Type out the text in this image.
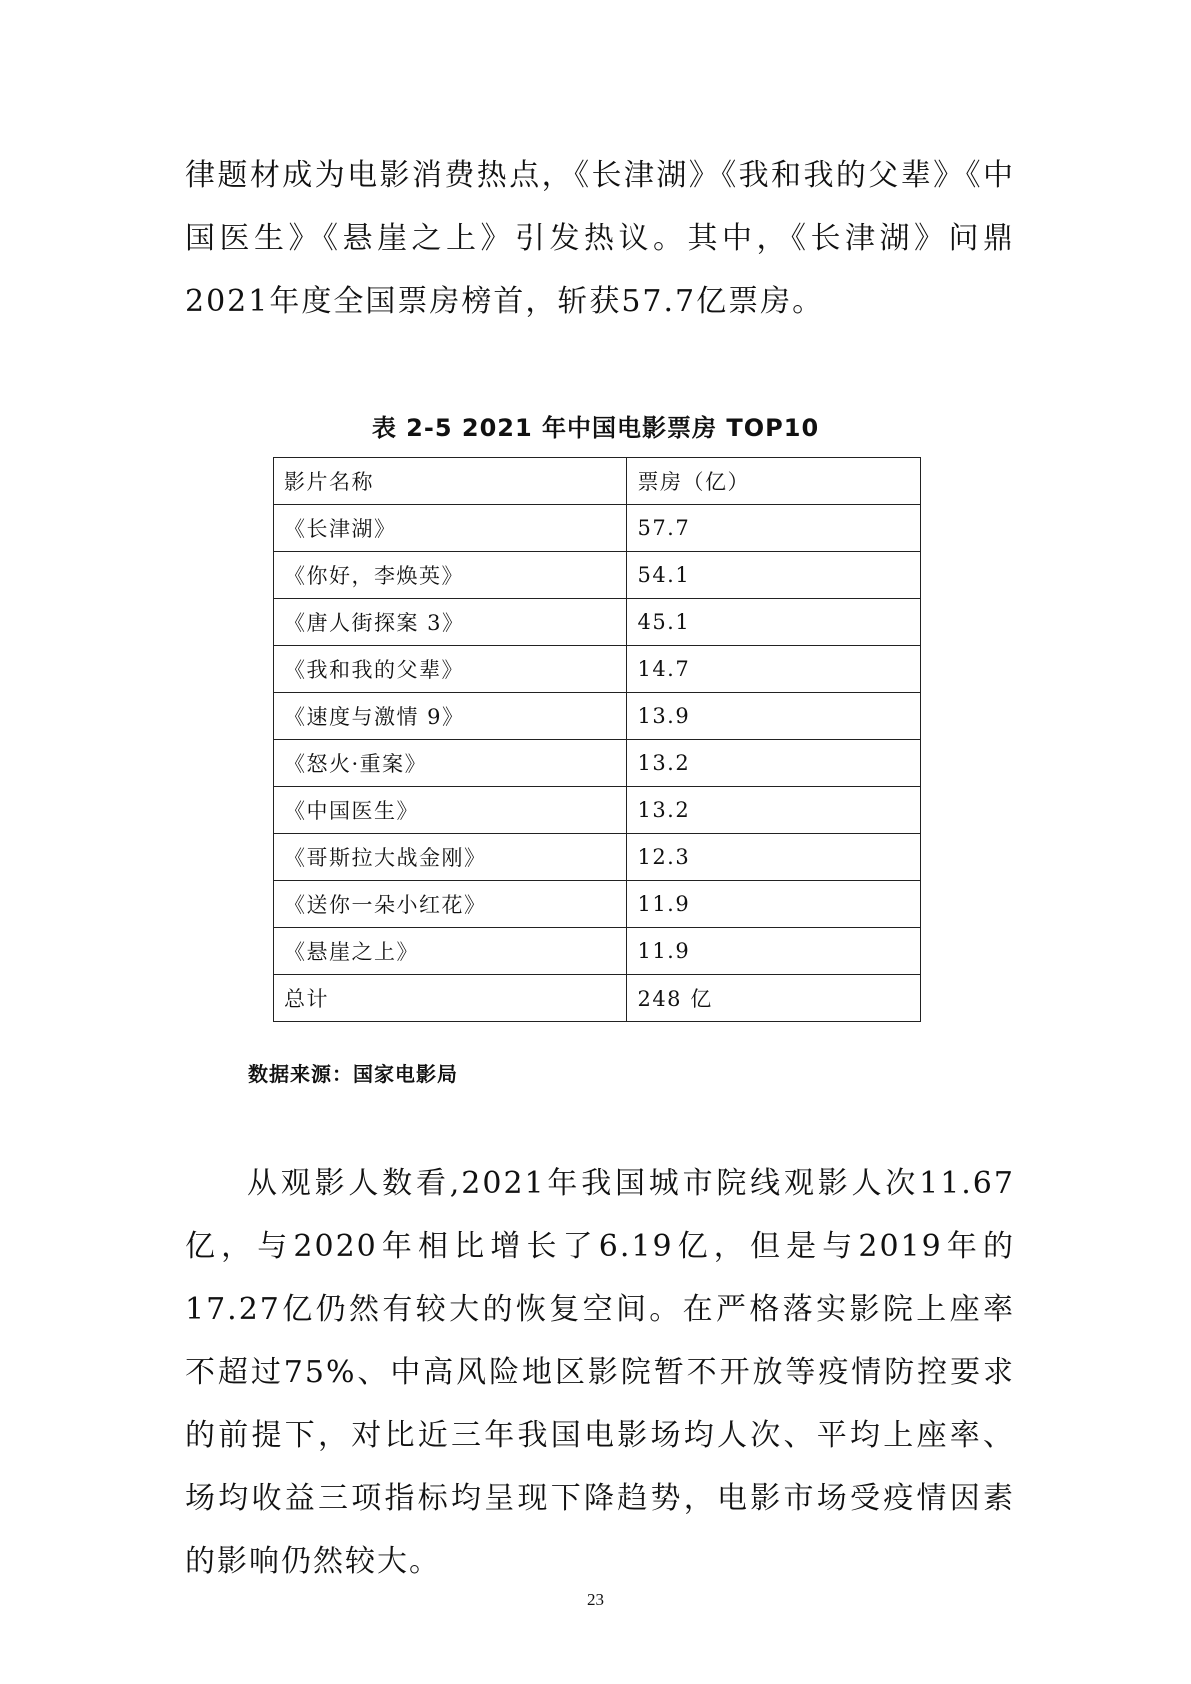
律题材成为电影消费热点，《长津湖》《我和我的父辈》《中国医生》《悬崖之上》引发热议。其中，《长津湖》问鼎2021年度全国票房榜首，斩获57.7亿票房。

表 2-5 2021 年中国电影票房 TOP10

影片名称	票房（亿）
《长津湖》	57.7
《你好，李焕英》	54.1
《唐人街探案 3》	45.1
《我和我的父辈》	14.7
《速度与激情 9》	13.9
《怒火·重案》	13.2
《中国医生》	13.2
《哥斯拉大战金刚》	12.3
《送你一朵小红花》	11.9
《悬崖之上》	11.9
总计	248 亿

数据来源：国家电影局

从观影人数看,2021年我国城市院线观影人次11.67亿，与2020年相比增长了6.19亿，但是与2019年的17.27亿仍然有较大的恢复空间。在严格落实影院上座率不超过75%、中高风险地区影院暂不开放等疫情防控要求的前提下，对比近三年我国电影场均人次、平均上座率、场均收益三项指标均呈现下降趋势，电影市场受疫情因素的影响仍然较大。

23
